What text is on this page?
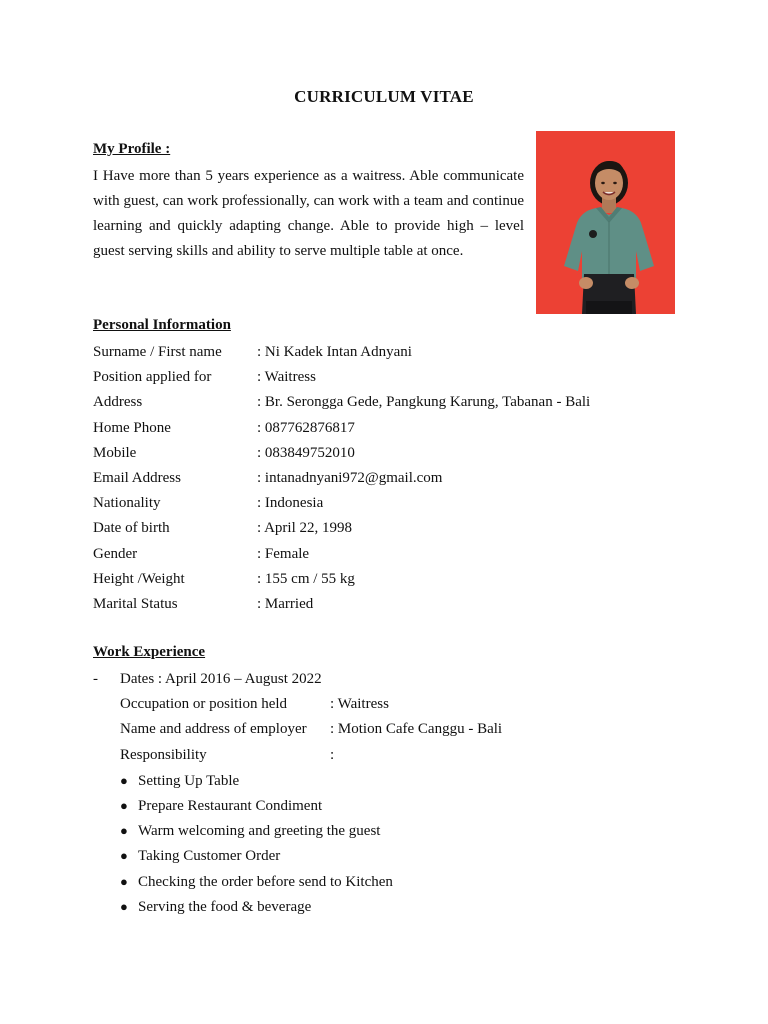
CURRICULUM VITAE
My Profile :
I Have more than 5 years experience as a waitress. Able communicate with guest, can work professionally, can work with a team and continue learning and quickly adapting change. Able to provide high – level guest serving skills and ability to serve multiple table at once.
Personal Information
Surname / First name : Ni Kadek Intan Adnyani
Position applied for	: Waitress
Address	: Br. Serongga Gede, Pangkung Karung, Tabanan - Bali
Home Phone	: 087762876817
Mobile	: 083849752010
Email Address	: intanadnyani972@gmail.com
Nationality	: Indonesia
Date of birth	: April 22, 1998
Gender	: Female
Height /Weight	: 155 cm / 55 kg
Marital Status	: Married
Work Experience
- Dates : April 2016 – August 2022
Occupation or position held	: Waitress
Name and address of employer : Motion Cafe Canggu - Bali
Responsibility	:
● Setting Up Table
● Prepare Restaurant Condiment
● Warm welcoming and greeting the guest
● Taking Customer Order
● Checking the order before send to Kitchen
● Serving the food & beverage
